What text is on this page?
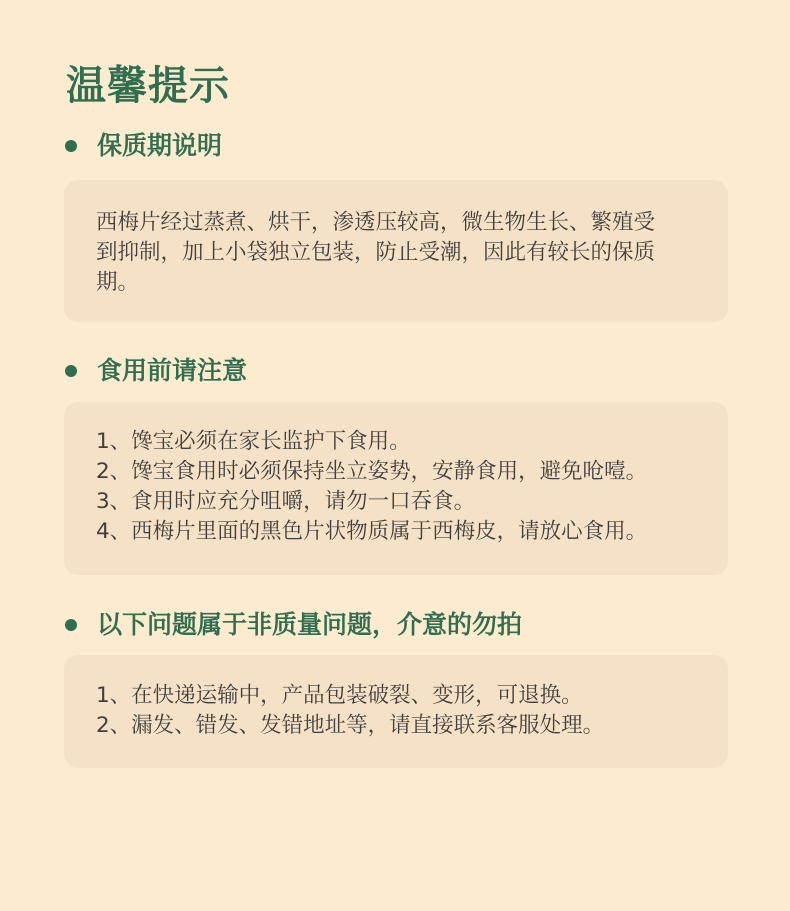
温馨提示
保质期说明
西梅片经过蒸煮、烘干，渗透压较高，微生物生长、繁殖受
到抑制，加上小袋独立包装，防止受潮，因此有较长的保质
期。
食用前请注意
1、馋宝必须在家长监护下食用。
2、馋宝食用时必须保持坐立姿势，安静食用，避免呛噎。
3、食用时应充分咀嚼，请勿一口吞食。
4、西梅片里面的黑色片状物质属于西梅皮，请放心食用。
以下问题属于非质量问题，介意的勿拍
1、在快递运输中，产品包装破裂、变形，可退换。
2、漏发、错发、发错地址等，请直接联系客服处理。
